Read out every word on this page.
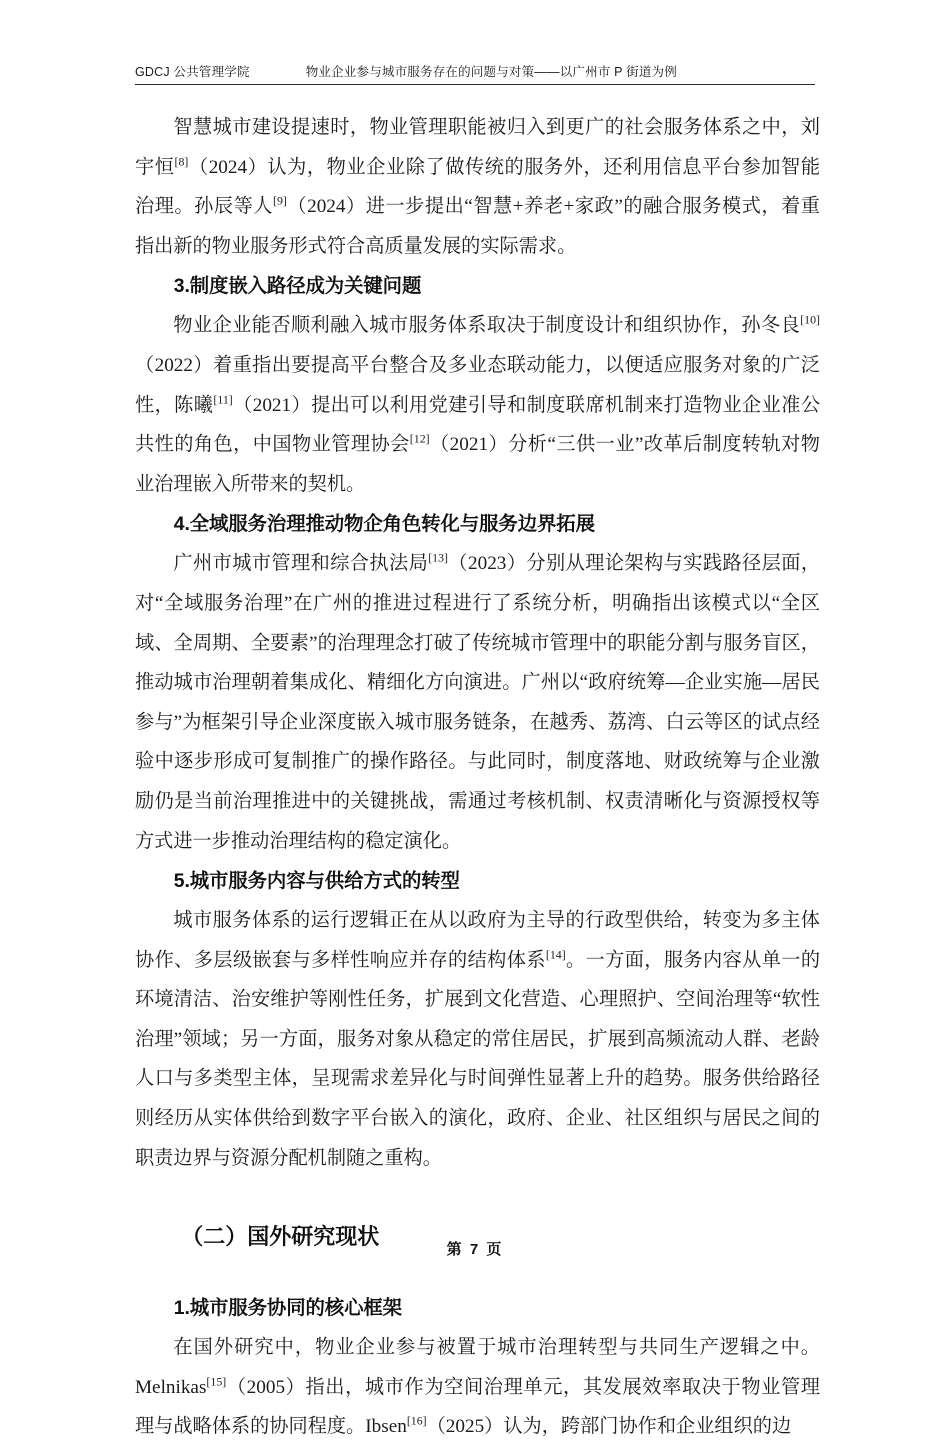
GDCJ 公共管理学院	物业企业参与城市服务存在的问题与对策——以广州市 P 街道为例

智慧城市建设提速时，物业管理职能被归入到更广的社会服务体系之中，刘宇恒[8]（2024）认为，物业企业除了做传统的服务外，还利用信息平台参加智能治理。孙辰等人[9]（2024）进一步提出“智慧+养老+家政”的融合服务模式，着重指出新的物业服务形式符合高质量发展的实际需求。

3.制度嵌入路径成为关键问题

物业企业能否顺利融入城市服务体系取决于制度设计和组织协作，孙冬良[10]（2022）着重指出要提高平台整合及多业态联动能力，以便适应服务对象的广泛性，陈曦[11]（2021）提出可以利用党建引导和制度联席机制来打造物业企业准公共性的角色，中国物业管理协会[12]（2021）分析“三供一业”改革后制度转轨对物业治理嵌入所带来的契机。

4.全域服务治理推动物企角色转化与服务边界拓展

广州市城市管理和综合执法局[13]（2023）分别从理论架构与实践路径层面，对“全域服务治理”在广州的推进过程进行了系统分析，明确指出该模式以“全区域、全周期、全要素”的治理理念打破了传统城市管理中的职能分割与服务盲区，推动城市治理朝着集成化、精细化方向演进。广州以“政府统筹—企业实施—居民参与”为框架引导企业深度嵌入城市服务链条，在越秀、荔湾、白云等区的试点经验中逐步形成可复制推广的操作路径。与此同时，制度落地、财政统筹与企业激励仍是当前治理推进中的关键挑战，需通过考核机制、权责清晰化与资源授权等方式进一步推动治理结构的稳定演化。

5.城市服务内容与供给方式的转型

城市服务体系的运行逻辑正在从以政府为主导的行政型供给，转变为多主体协作、多层级嵌套与多样性响应并存的结构体系[14]。一方面，服务内容从单一的环境清洁、治安维护等刚性任务，扩展到文化营造、心理照护、空间治理等“软性治理”领域；另一方面，服务对象从稳定的常住居民，扩展到高频流动人群、老龄人口与多类型主体，呈现需求差异化与时间弹性显著上升的趋势。服务供给路径则经历从实体供给到数字平台嵌入的演化，政府、企业、社区组织与居民之间的职责边界与资源分配机制随之重构。

（二）国外研究现状
1.城市服务协同的核心框架

在国外研究中，物业企业参与被置于城市治理转型与共同生产逻辑之中。Melnikas[15]（2005）指出，城市作为空间治理单元，其发展效率取决于物业管理理与战略体系的协同程度。Ibsen[16]（2025）认为，跨部门协作和企业组织的边

第 7 页
